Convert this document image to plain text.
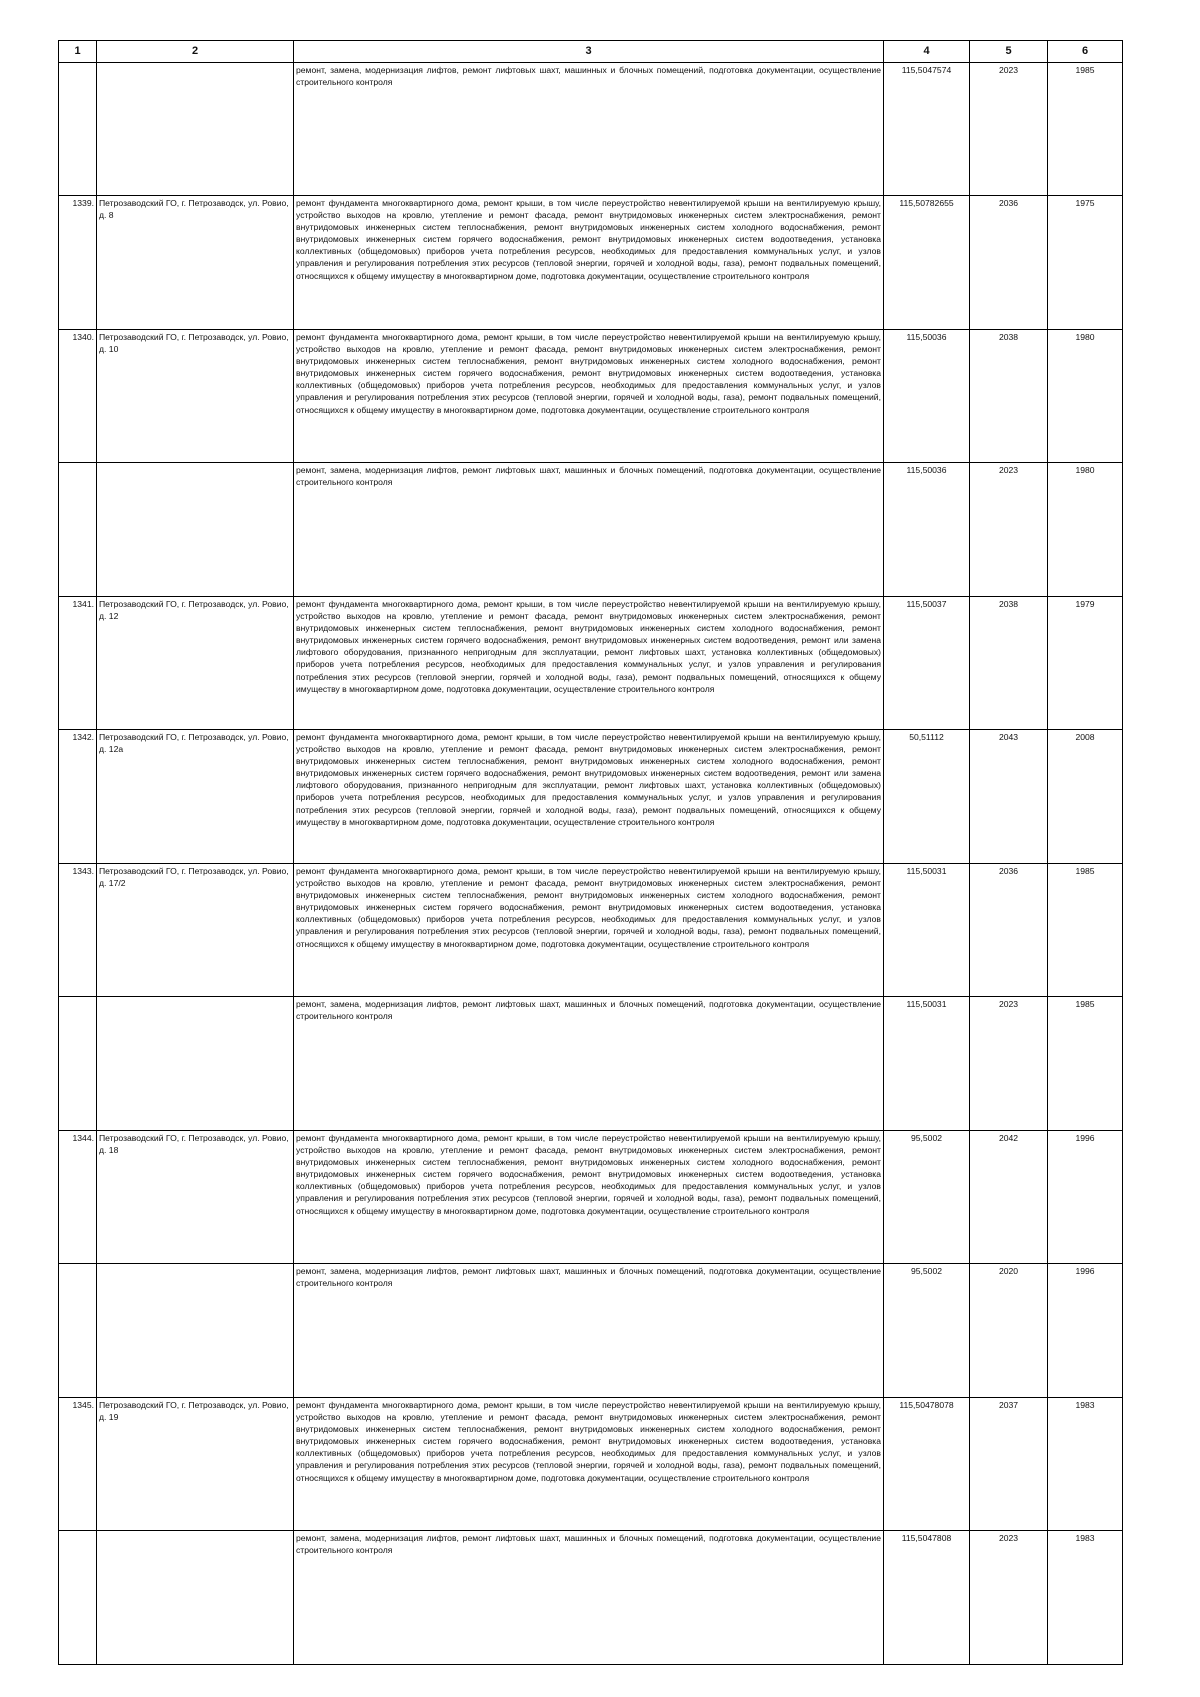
1	2	3	4	5	6
		ремонт, замена, модернизация лифтов, ремонт лифтовых шахт, машинных и блочных помещений, подготовка документации, осуществление строительного контроля	115,5047574	2023	1985
1339.	Петрозаводский ГО, г. Петрозаводск, ул. Ровио, д. 8	ремонт фундамента многоквартирного дома, ремонт крыши, в том числе переустройство невентилируемой крыши на вентилируемую крышу, устройство выходов на кровлю, утепление и ремонт фасада, ремонт внутридомовых инженерных систем электроснабжения, ремонт внутридомовых инженерных систем теплоснабжения, ремонт внутридомовых инженерных систем холодного водоснабжения, ремонт внутридомовых инженерных систем горячего водоснабжения, ремонт внутридомовых инженерных систем водоотведения, установка коллективных (общедомовых) приборов учета потребления ресурсов, необходимых для предоставления коммунальных услуг, и узлов управления и регулирования потребления этих ресурсов (тепловой энергии, горячей и холодной воды, газа), ремонт подвальных помещений, относящихся к общему имуществу в многоквартирном доме, подготовка документации, осуществление строительного контроля	115,50782655	2036	1975
1340.	Петрозаводский ГО, г. Петрозаводск, ул. Ровио, д. 10	ремонт фундамента многоквартирного дома, ремонт крыши, в том числе переустройство невентилируемой крыши на вентилируемую крышу, устройство выходов на кровлю, утепление и ремонт фасада, ремонт внутридомовых инженерных систем электроснабжения, ремонт внутридомовых инженерных систем теплоснабжения, ремонт внутридомовых инженерных систем холодного водоснабжения, ремонт внутридомовых инженерных систем горячего водоснабжения, ремонт внутридомовых инженерных систем водоотведения, установка коллективных (общедомовых) приборов учета потребления ресурсов, необходимых для предоставления коммунальных услуг, и узлов управления и регулирования потребления этих ресурсов (тепловой энергии, горячей и холодной воды, газа), ремонт подвальных помещений, относящихся к общему имуществу в многоквартирном доме, подготовка документации, осуществление строительного контроля	115,50036	2038	1980
		ремонт, замена, модернизация лифтов, ремонт лифтовых шахт, машинных и блочных помещений, подготовка документации, осуществление строительного контроля	115,50036	2023	1980
1341.	Петрозаводский ГО, г. Петрозаводск, ул. Ровио, д. 12	ремонт фундамента многоквартирного дома, ремонт крыши, в том числе переустройство невентилируемой крыши на вентилируемую крышу, устройство выходов на кровлю, утепление и ремонт фасада, ремонт внутридомовых инженерных систем электроснабжения, ремонт внутридомовых инженерных систем теплоснабжения, ремонт внутридомовых инженерных систем холодного водоснабжения, ремонт внутридомовых инженерных систем горячего водоснабжения, ремонт внутридомовых инженерных систем водоотведения, ремонт или замена лифтового оборудования, признанного непригодным для эксплуатации, ремонт лифтовых шахт, установка коллективных (общедомовых) приборов учета потребления ресурсов, необходимых для предоставления коммунальных услуг, и узлов управления и регулирования потребления этих ресурсов (тепловой энергии, горячей и холодной воды, газа), ремонт подвальных помещений, относящихся к общему имуществу в многоквартирном доме, подготовка документации, осуществление строительного контроля	115,50037	2038	1979
1342.	Петрозаводский ГО, г. Петрозаводск, ул. Ровио, д. 12а	ремонт фундамента многоквартирного дома, ремонт крыши, в том числе переустройство невентилируемой крыши на вентилируемую крышу, устройство выходов на кровлю, утепление и ремонт фасада, ремонт внутридомовых инженерных систем электроснабжения, ремонт внутридомовых инженерных систем теплоснабжения, ремонт внутридомовых инженерных систем холодного водоснабжения, ремонт внутридомовых инженерных систем горячего водоснабжения, ремонт внутридомовых инженерных систем водоотведения, ремонт или замена лифтового оборудования, признанного непригодным для эксплуатации, ремонт лифтовых шахт, установка коллективных (общедомовых) приборов учета потребления ресурсов, необходимых для предоставления коммунальных услуг, и узлов управления и регулирования потребления этих ресурсов (тепловой энергии, горячей и холодной воды, газа), ремонт подвальных помещений, относящихся к общему имуществу в многоквартирном доме, подготовка документации, осуществление строительного контроля	50,51112	2043	2008
1343.	Петрозаводский ГО, г. Петрозаводск, ул. Ровио, д. 17/2	ремонт фундамента многоквартирного дома, ремонт крыши, в том числе переустройство невентилируемой крыши на вентилируемую крышу, устройство выходов на кровлю, утепление и ремонт фасада, ремонт внутридомовых инженерных систем электроснабжения, ремонт внутридомовых инженерных систем теплоснабжения, ремонт внутридомовых инженерных систем холодного водоснабжения, ремонт внутридомовых инженерных систем горячего водоснабжения, ремонт внутридомовых инженерных систем водоотведения, установка коллективных (общедомовых) приборов учета потребления ресурсов, необходимых для предоставления коммунальных услуг, и узлов управления и регулирования потребления этих ресурсов (тепловой энергии, горячей и холодной воды, газа), ремонт подвальных помещений, относящихся к общему имуществу в многоквартирном доме, подготовка документации, осуществление строительного контроля	115,50031	2036	1985
		ремонт, замена, модернизация лифтов, ремонт лифтовых шахт, машинных и блочных помещений, подготовка документации, осуществление строительного контроля	115,50031	2023	1985
1344.	Петрозаводский ГО, г. Петрозаводск, ул. Ровио, д. 18	ремонт фундамента многоквартирного дома, ремонт крыши, в том числе переустройство невентилируемой крыши на вентилируемую крышу, устройство выходов на кровлю, утепление и ремонт фасада, ремонт внутридомовых инженерных систем электроснабжения, ремонт внутридомовых инженерных систем теплоснабжения, ремонт внутридомовых инженерных систем холодного водоснабжения, ремонт внутридомовых инженерных систем горячего водоснабжения, ремонт внутридомовых инженерных систем водоотведения, установка коллективных (общедомовых) приборов учета потребления ресурсов, необходимых для предоставления коммунальных услуг, и узлов управления и регулирования потребления этих ресурсов (тепловой энергии, горячей и холодной воды, газа), ремонт подвальных помещений, относящихся к общему имуществу в многоквартирном доме, подготовка документации, осуществление строительного контроля	95,5002	2042	1996
		ремонт, замена, модернизация лифтов, ремонт лифтовых шахт, машинных и блочных помещений, подготовка документации, осуществление строительного контроля	95,5002	2020	1996
1345.	Петрозаводский ГО, г. Петрозаводск, ул. Ровио, д. 19	ремонт фундамента многоквартирного дома, ремонт крыши, в том числе переустройство невентилируемой крыши на вентилируемую крышу, устройство выходов на кровлю, утепление и ремонт фасада, ремонт внутридомовых инженерных систем электроснабжения, ремонт внутридомовых инженерных систем теплоснабжения, ремонт внутридомовых инженерных систем холодного водоснабжения, ремонт внутридомовых инженерных систем горячего водоснабжения, ремонт внутридомовых инженерных систем водоотведения, установка коллективных (общедомовых) приборов учета потребления ресурсов, необходимых для предоставления коммунальных услуг, и узлов управления и регулирования потребления этих ресурсов (тепловой энергии, горячей и холодной воды, газа), ремонт подвальных помещений, относящихся к общему имуществу в многоквартирном доме, подготовка документации, осуществление строительного контроля	115,50478078	2037	1983
		ремонт, замена, модернизация лифтов, ремонт лифтовых шахт, машинных и блочных помещений, подготовка документации, осуществление строительного контроля	115,5047808	2023	1983
